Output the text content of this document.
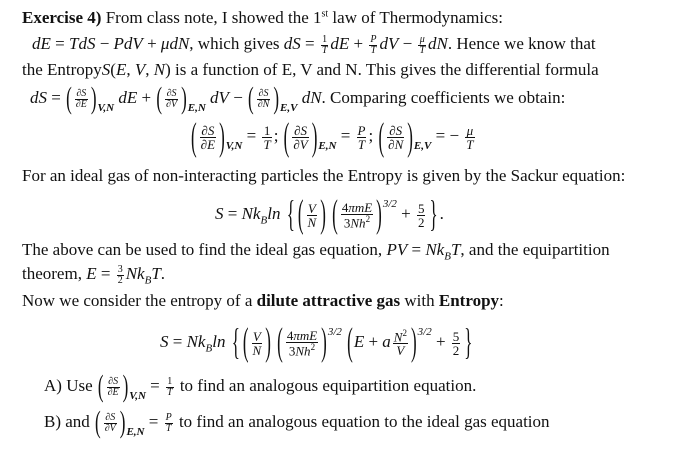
Exercise 4) From class note, I showed the 1st law of Thermodynamics:
dE = TdS − PdV + μdN, which gives dS = $\frac{1}{T}$ dE + $\frac{P}{T}$ dV − $\frac{\mu}{T}$ dN. Hence we know that
the EntropyS(E, V, N) is a function of E, V and N. This gives the differential formula
dS = ( $\frac{\partial S}{\partial E} )_{V,N}$ dE + ( $\frac{\partial S}{\partial V} )_{E,N}$ dV − ( $\frac{\partial S}{\partial N} )_{E,V}$ dN. Comparing coefficients we obtain:
( $\frac{\partial S}{\partial E} )_{V,N} = \frac{1}{T}$ ; ( $\frac{\partial S}{\partial V} )_{E,N} = \frac{P}{T}$ ; ( $\frac{\partial S}{\partial N} )_{E,V}$ = − $\frac{\mu}{T}$
For an ideal gas of non-interacting particles the Entropy is given by the Sackur equation:
$S = Nk_B\ln$ { ( $\frac{V}{N}$ ) ( $\frac{\text{4πmE}}{3Nh^2} )^{3/2} + \frac{5}{2}$ } .
The above can be used to find the ideal gas equation, PV = $Nk_BT$, and the equipartition
theorem, $E = \frac{3}{2} Nk_BT$.
Now we consider the entropy of a dilute attractive gas with Entropy:
$S = Nk_B\ln$ { ( $\frac{V}{N}$ ) ( $\frac{\text{4πmE}}{3Nh^2} )^{3/2}$ (E + a $\frac{N^2}{V} )^{3/2} + \frac{5}{2}$ }
A) Use ( $\frac{\partial S}{\partial E} )_{V,N} = \frac{1}{T}$ to find an analogous equipartition equation.
B) and ( $\frac{\partial S}{\partial V} )_{E,N} = \frac{P}{T}$ to find an analogous equation to the ideal gas equation
